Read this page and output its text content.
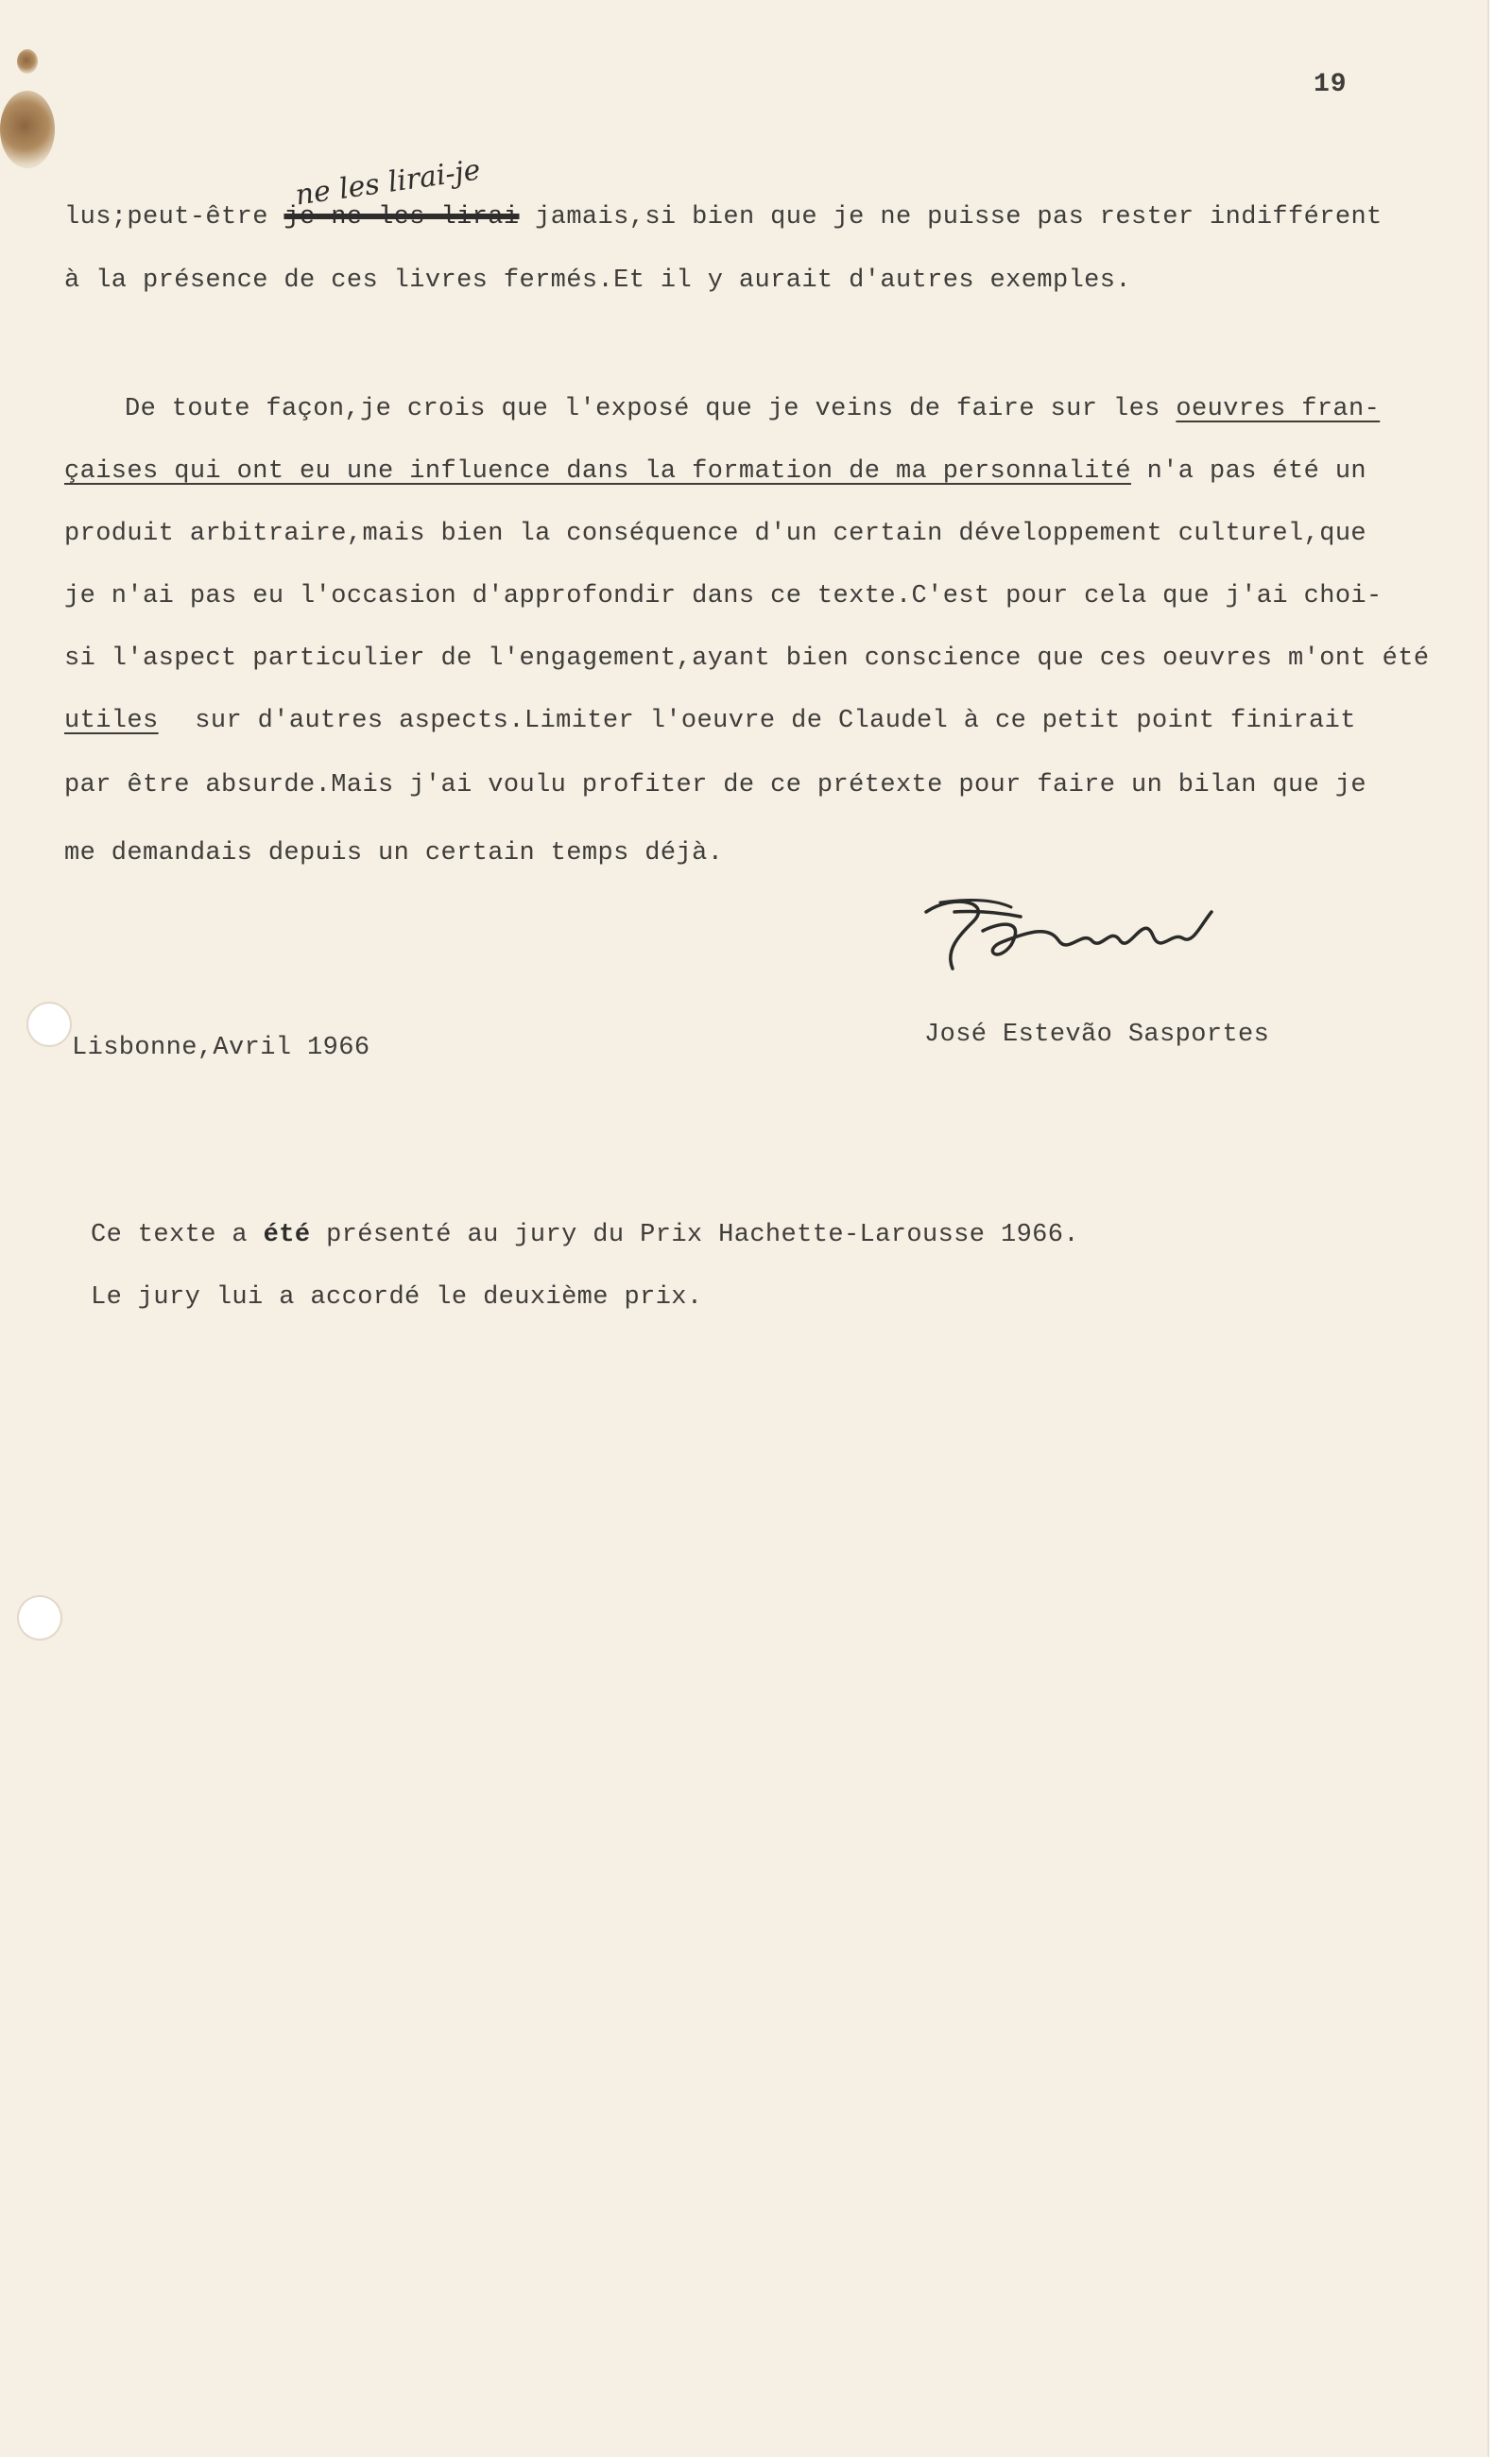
19
ne les lirai-je
lus;peut-être je ne les lirai jamais,si bien que je ne puisse pas rester indifférent
à la présence de ces livres fermés.Et il y aurait d'autres exemples.
De toute façon,je crois que l'exposé que je veins de faire sur les oeuvres fran-
çaises qui ont eu une influence dans la formation de ma personnalité n'a pas été un
produit arbitraire,mais bien la conséquence d'un certain développement culturel,que
je n'ai pas eu l'occasion d'approfondir dans ce texte.C'est pour cela que j'ai choi-
si l'aspect particulier de l'engagement,ayant bien conscience que ces oeuvres m'ont été
utiles sur d'autres aspects.Limiter l'oeuvre de Claudel à ce petit point finirait
par être absurde.Mais j'ai voulu profiter de ce prétexte pour faire un bilan que je
me demandais depuis un certain temps déjà.
Lisbonne,Avril 1966	José Estevão Sasportes
Ce texte a été présenté au jury du Prix Hachette-Larousse 1966.
Le jury lui a accordé le deuxième prix.
